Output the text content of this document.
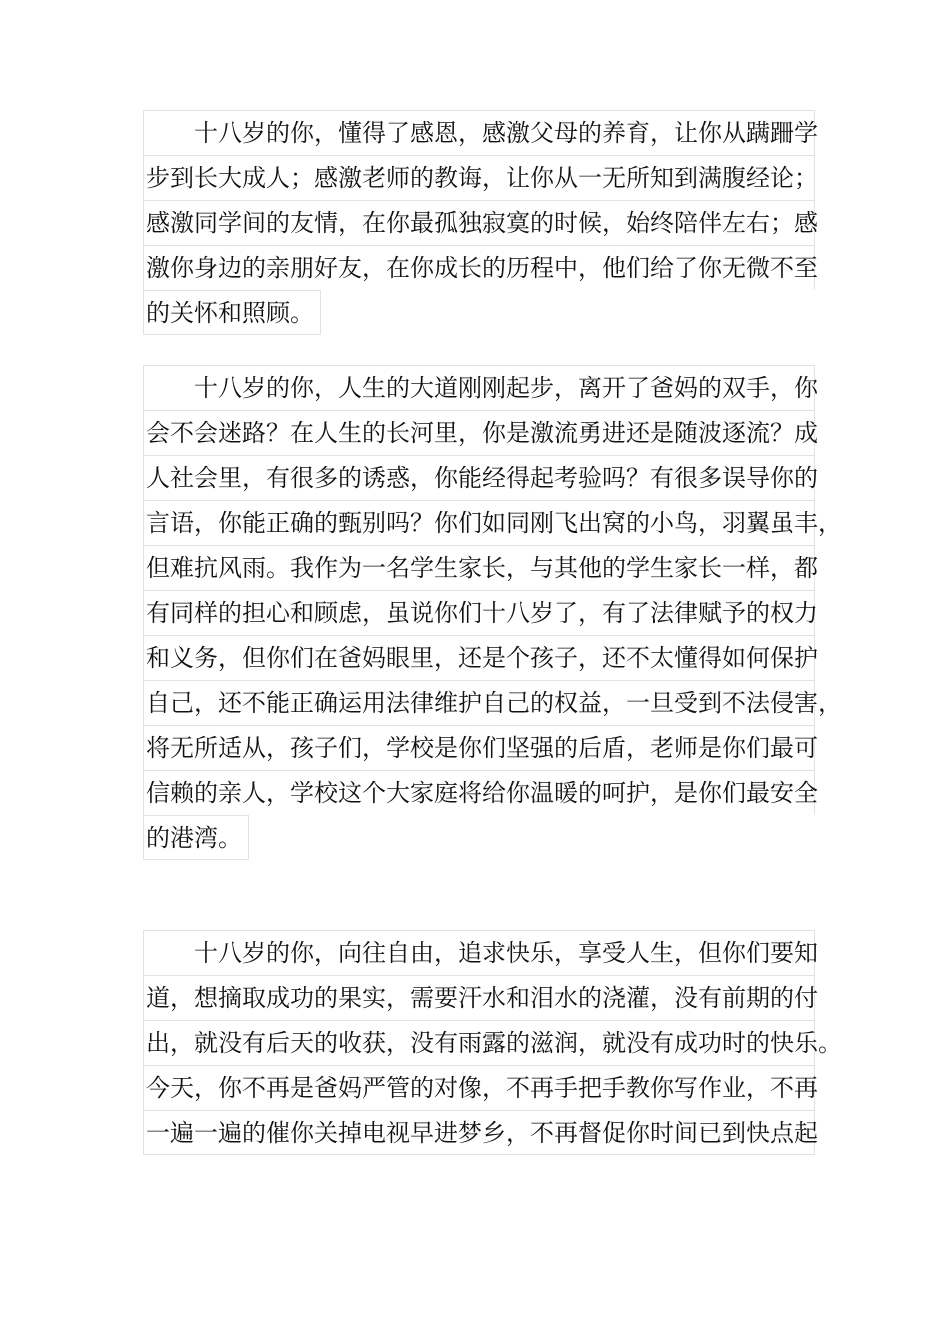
十八岁的你，懂得了感恩，感激父母的养育，让你从蹒跚学
步到长大成人；感激老师的教诲，让你从一无所知到满腹经论；
感激同学间的友情，在你最孤独寂寞的时候，始终陪伴左右；感
激你身边的亲朋好友，在你成长的历程中，他们给了你无微不至
的关怀和照顾。
十八岁的你，人生的大道刚刚起步，离开了爸妈的双手，你
会不会迷路？在人生的长河里，你是激流勇进还是随波逐流？成
人社会里，有很多的诱惑，你能经得起考验吗？有很多误导你的
言语，你能正确的甄别吗？你们如同刚飞出窝的小鸟，羽翼虽丰，
但难抗风雨。我作为一名学生家长，与其他的学生家长一样，都
有同样的担心和顾虑，虽说你们十八岁了，有了法律赋予的权力
和义务，但你们在爸妈眼里，还是个孩子，还不太懂得如何保护
自己，还不能正确运用法律维护自己的权益，一旦受到不法侵害，
将无所适从，孩子们，学校是你们坚强的后盾，老师是你们最可
信赖的亲人，学校这个大家庭将给你温暖的呵护，是你们最安全
的港湾。
十八岁的你，向往自由，追求快乐，享受人生，但你们要知
道，想摘取成功的果实，需要汗水和泪水的浇灌，没有前期的付
出，就没有后天的收获，没有雨露的滋润，就没有成功时的快乐。
今天，你不再是爸妈严管的对像，不再手把手教你写作业，不再
一遍一遍的催你关掉电视早进梦乡，不再督促你时间已到快点起
